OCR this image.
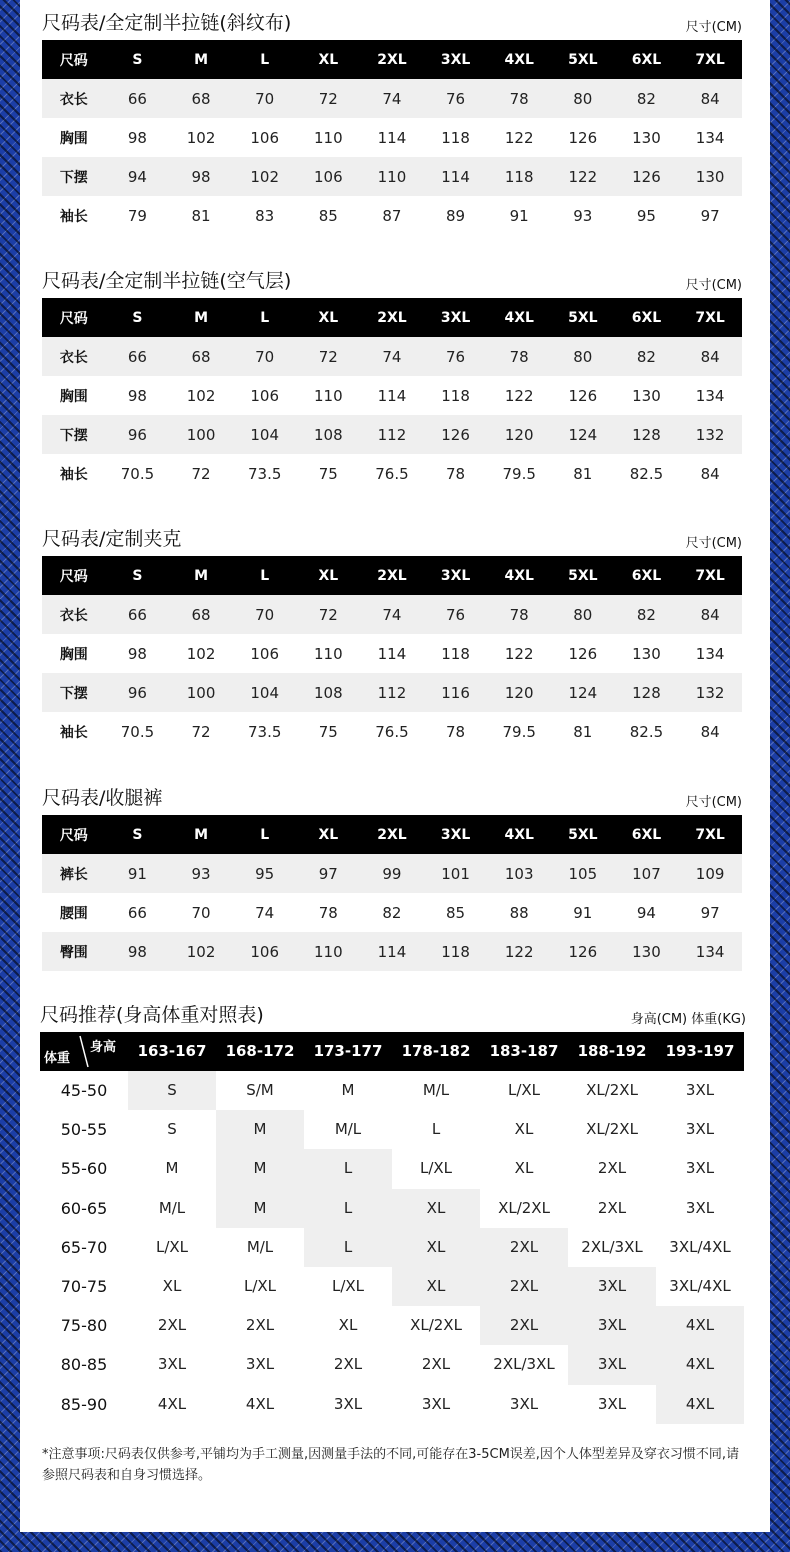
尺码表/全定制半拉链(斜纹布)	尺寸(CM)
尺码	S	M	L	XL	2XL	3XL	4XL	5XL	6XL	7XL
衣长	66	68	70	72	74	76	78	80	82	84
胸围	98	102	106	110	114	118	122	126	130	134
下摆	94	98	102	106	110	114	118	122	126	130
袖长	79	81	83	85	87	89	91	93	95	97
尺码表/全定制半拉链(空气层)	尺寸(CM)
尺码	S	M	L	XL	2XL	3XL	4XL	5XL	6XL	7XL
衣长	66	68	70	72	74	76	78	80	82	84
胸围	98	102	106	110	114	118	122	126	130	134
下摆	96	100	104	108	112	126	120	124	128	132
袖长	70.5	72	73.5	75	76.5	78	79.5	81	82.5	84
尺码表/定制夹克	尺寸(CM)
尺码	S	M	L	XL	2XL	3XL	4XL	5XL	6XL	7XL
衣长	66	68	70	72	74	76	78	80	82	84
胸围	98	102	106	110	114	118	122	126	130	134
下摆	96	100	104	108	112	116	120	124	128	132
袖长	70.5	72	73.5	75	76.5	78	79.5	81	82.5	84
尺码表/收腿裤	尺寸(CM)
尺码	S	M	L	XL	2XL	3XL	4XL	5XL	6XL	7XL
裤长	91	93	95	97	99	101	103	105	107	109
腰围	66	70	74	78	82	85	88	91	94	97
臀围	98	102	106	110	114	118	122	126	130	134
尺码推荐(身高体重对照表)	身高(CM) 体重(KG)
体重
身高	163-167	168-172	173-177	178-182	183-187	188-192	193-197
45-50	S	S/M	M	M/L	L/XL	XL/2XL	3XL
50-55	S	M	M/L	L	XL	XL/2XL	3XL
55-60	M	M	L	L/XL	XL	2XL	3XL
60-65	M/L	M	L	XL	XL/2XL	2XL	3XL
65-70	L/XL	M/L	L	XL	2XL	2XL/3XL	3XL/4XL
70-75	XL	L/XL	L/XL	XL	2XL	3XL	3XL/4XL
75-80	2XL	2XL	XL	XL/2XL	2XL	3XL	4XL
80-85	3XL	3XL	2XL	2XL	2XL/3XL	3XL	4XL
85-90	4XL	4XL	3XL	3XL	3XL	3XL	4XL
*注意事项:尺码表仅供参考,平铺均为手工测量,因测量手法的不同,可能存在3-5CM误差,因个人体型差异及穿衣习惯不同,请参照尺码表和自身习惯选择。
